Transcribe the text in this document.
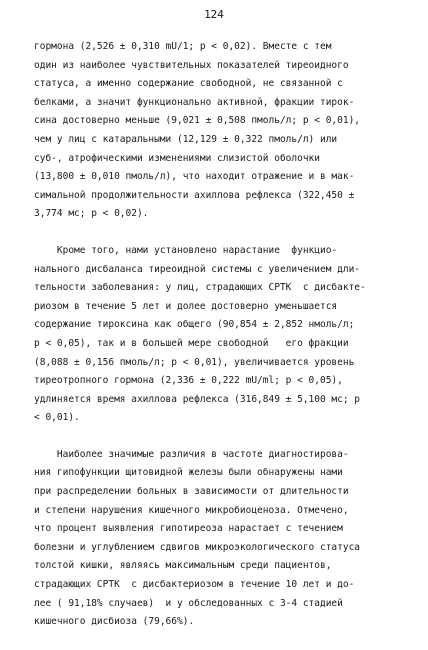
124
гормона (2,526 ± 0,310 mU/1; р < 0,02). Вместе с тем
один из наиболее чувствительных показателей тиреоидного
статуса, а именно содержание свободной, не связанной с
белками, а значит функционально активной, фракции тирок-
сина достоверно меньше (9,021 ± 0,508 пмоль/л; р < 0,01),
чем у лиц с катаральными (12,129 ± 0,322 пмоль/л) или
суб-, атрофическими изменениями слизистой оболочки
(13,800 ± 0,010 пмоль/л), что находит отражение и в мак-
симальной продолжительности ахиллова рефлекса (322,450 ±
3,774 мс; р < 0,02).
Кроме того, нами установлено нарастание  функцио-
нального дисбаланса тиреоидной системы с увеличением дли-
тельности заболевания: у лиц, страдающих СРТК  с дисбакте-
риозом в течение 5 лет и долее достоверно уменьшается
содержание тироксина как общего (90,854 ± 2,852 нмоль/л;
р < 0,05), так и в большей мере свободной   его фракции
(8,088 ± 0,156 пмоль/л; р < 0,01), увеличивается уровень
тиреотропного гормона (2,336 ± 0,222 mU/ml; р < 0,05),
удлиняется время ахиллова рефлекса (316,849 ± 5,100 мс; р
< 0,01).
Наиболее значимые различия в частоте диагностирова-
ния гипофункции щитовидной железы были обнаружены нами
при распределении больных в зависимости от длительности
и степени нарушения кишечного микробиоценоза. Отмечено,
что процент выявления гипотиреоза нарастает с течением
болезни и углублением сдвигов микроэкологического статуса
толстой кишки, являясь максимальным среди пациентов,
страдающих СРТК  с дисбактериозом в течение 10 лет и до-
лее ( 91,18% случаев)  и у обследованных с 3-4 стадией
кишечного дисбиоза (79,66%).
